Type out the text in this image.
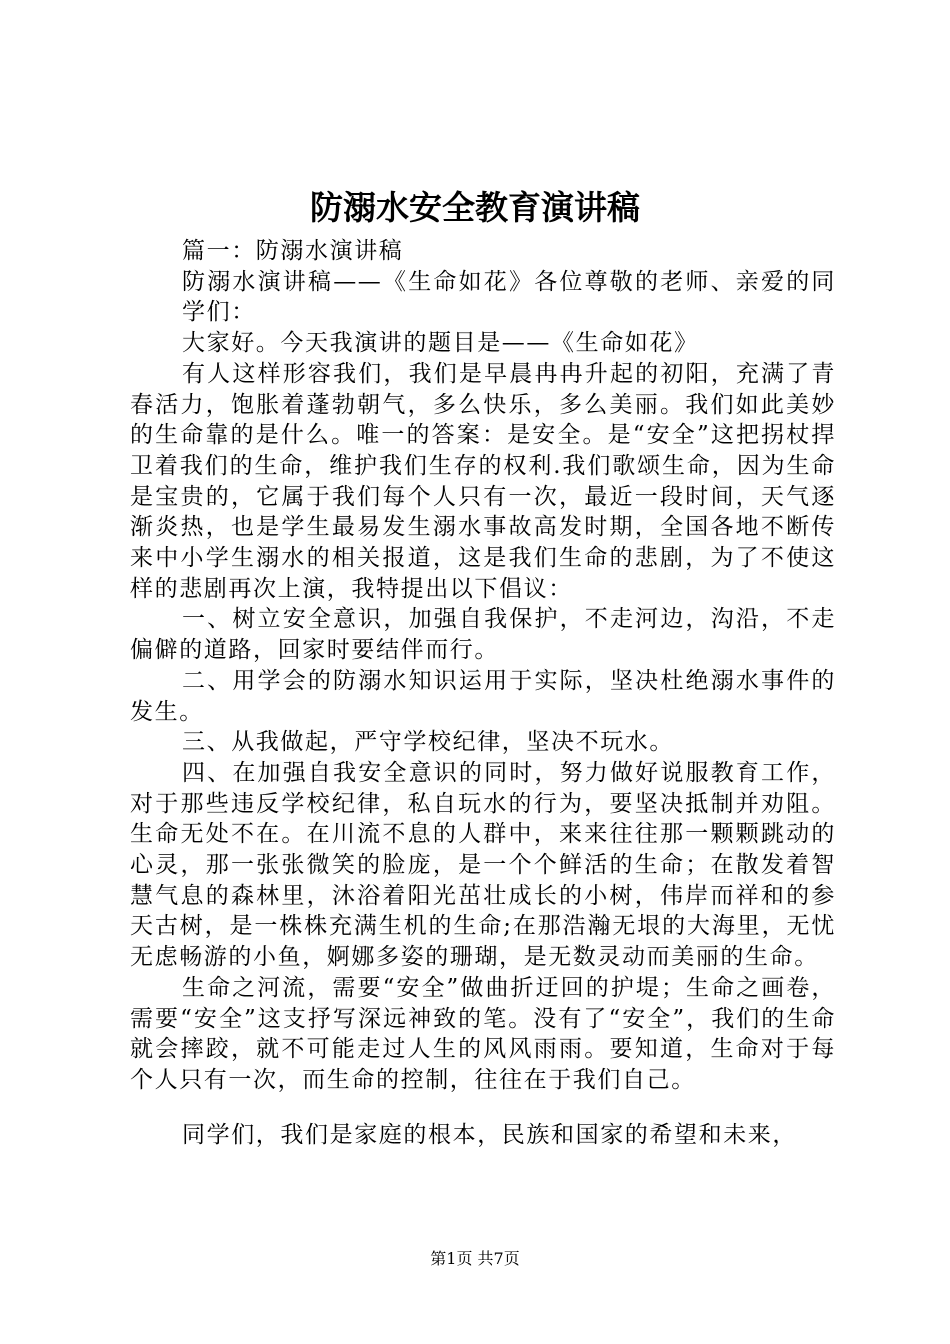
防溺水安全教育演讲稿

篇一：防溺水演讲稿

防溺水演讲稿——《生命如花》各位尊敬的老师、亲爱的同学们：

大家好。今天我演讲的题目是——《生命如花》

有人这样形容我们，我们是早晨冉冉升起的初阳，充满了青春活力，饱胀着蓬勃朝气，多么快乐，多么美丽。我们如此美妙的生命靠的是什么。唯一的答案：是安全。是“安全”这把拐杖捍卫着我们的生命，维护我们生存的权利.我们歌颂生命，因为生命是宝贵的，它属于我们每个人只有一次，最近一段时间，天气逐渐炎热，也是学生最易发生溺水事故高发时期，全国各地不断传来中小学生溺水的相关报道，这是我们生命的悲剧，为了不使这样的悲剧再次上演，我特提出以下倡议：

一、树立安全意识，加强自我保护，不走河边，沟沿，不走偏僻的道路，回家时要结伴而行。

二、用学会的防溺水知识运用于实际，坚决杜绝溺水事件的发生。

三、从我做起，严守学校纪律，坚决不玩水。

四、在加强自我安全意识的同时，努力做好说服教育工作，对于那些违反学校纪律，私自玩水的行为，要坚决抵制并劝阻。生命无处不在。在川流不息的人群中，来来往往那一颗颗跳动的心灵，那一张张微笑的脸庞，是一个个鲜活的生命；在散发着智慧气息的森林里，沐浴着阳光茁壮成长的小树，伟岸而祥和的参天古树，是一株株充满生机的生命;在那浩瀚无垠的大海里，无忧无虑畅游的小鱼，婀娜多姿的珊瑚，是无数灵动而美丽的生命。

生命之河流，需要“安全”做曲折迂回的护堤；生命之画卷，需要“安全”这支抒写深远神致的笔。没有了“安全”，我们的生命就会摔跤，就不可能走过人生的风风雨雨。要知道，生命对于每个人只有一次，而生命的控制，往往在于我们自己。

同学们，我们是家庭的根本，民族和国家的希望和未来，

第1页 共7页
